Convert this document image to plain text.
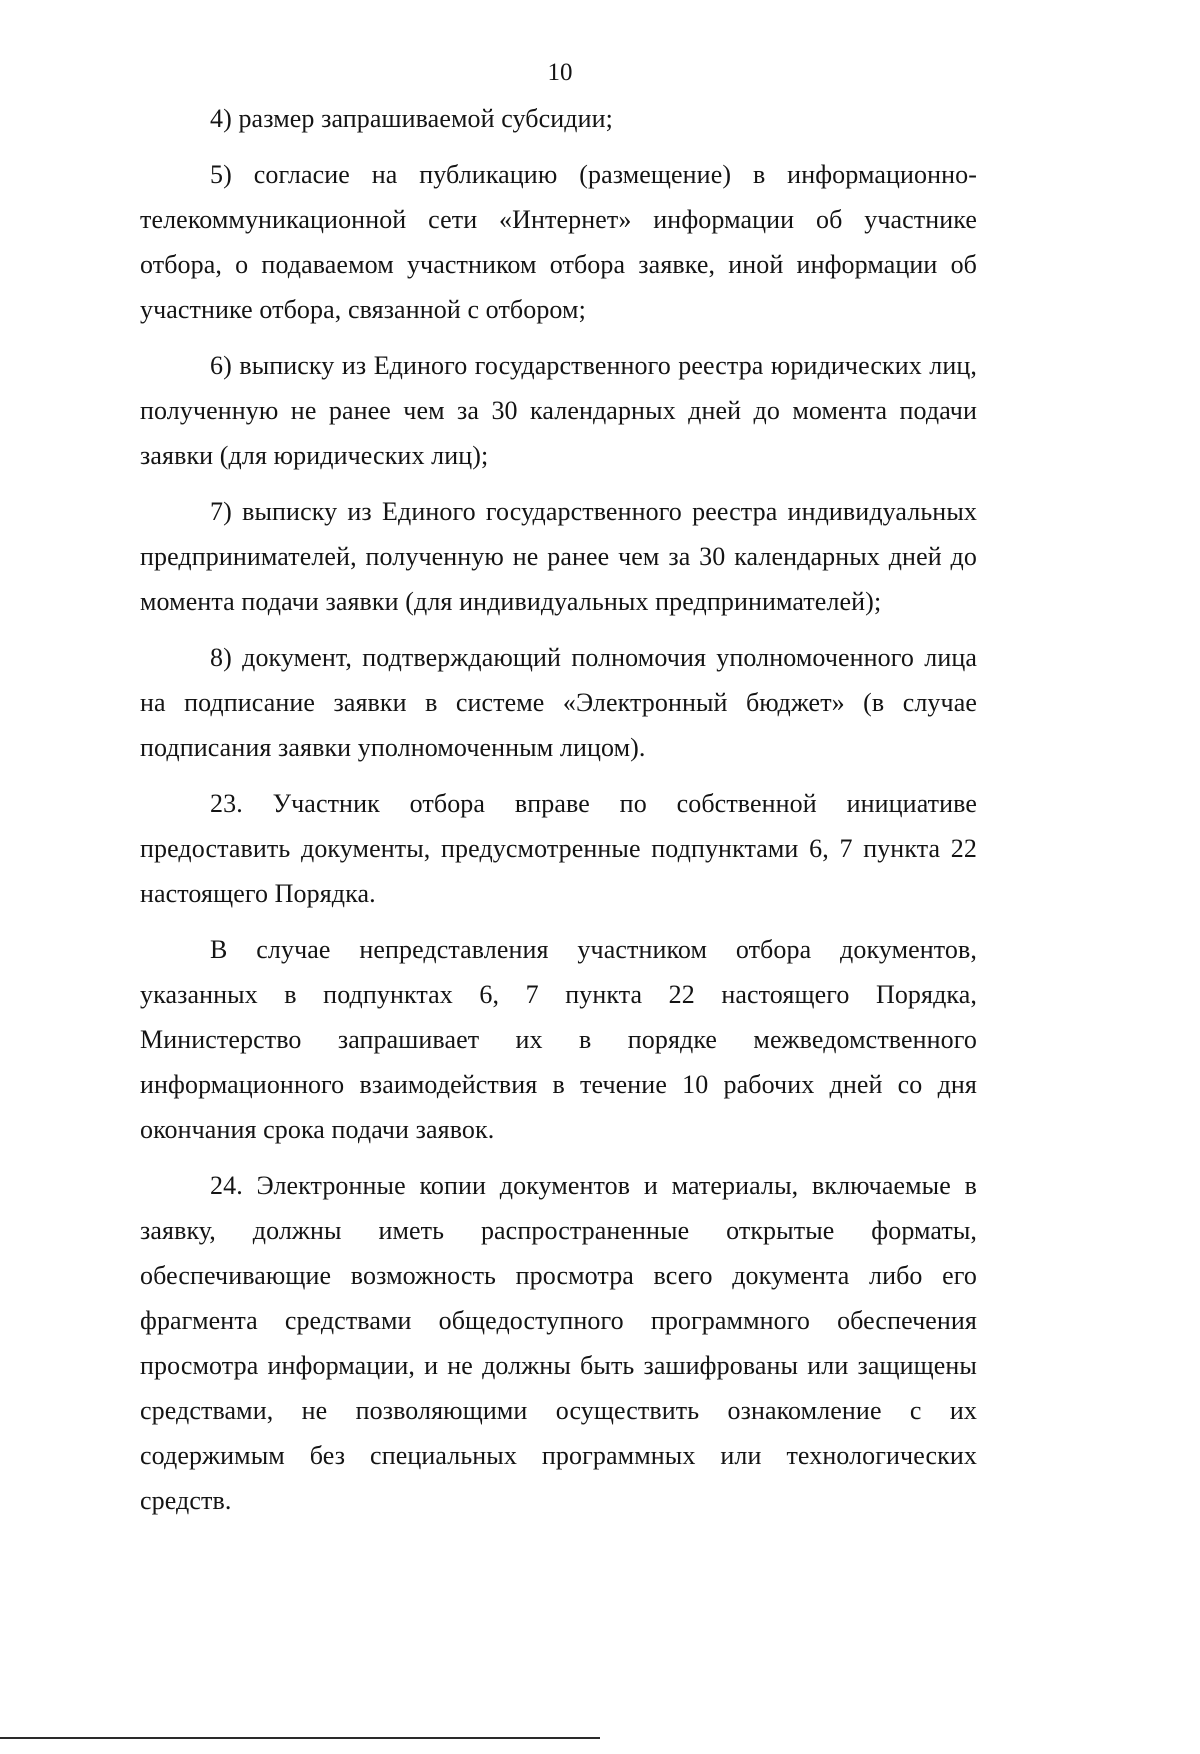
10

4) размер запрашиваемой субсидии;

5) согласие на публикацию (размещение) в информационно-телекоммуникационной сети «Интернет» информации об участнике отбора, о подаваемом участником отбора заявке, иной информации об участнике отбора, связанной с отбором;

6) выписку из Единого государственного реестра юридических лиц, полученную не ранее чем за 30 календарных дней до момента подачи заявки (для юридических лиц);

7) выписку из Единого государственного реестра индивидуальных предпринимателей, полученную не ранее чем за 30 календарных дней до момента подачи заявки (для индивидуальных предпринимателей);

8) документ, подтверждающий полномочия уполномоченного лица на подписание заявки в системе «Электронный бюджет» (в случае подписания заявки уполномоченным лицом).

23. Участник отбора вправе по собственной инициативе предоставить документы, предусмотренные подпунктами 6, 7 пункта 22 настоящего Порядка.

В случае непредставления участником отбора документов, указанных в подпунктах 6, 7 пункта 22 настоящего Порядка, Министерство запрашивает их в порядке межведомственного информационного взаимодействия в течение 10 рабочих дней со дня окончания срока подачи заявок.

24. Электронные копии документов и материалы, включаемые в заявку, должны иметь распространенные открытые форматы, обеспечивающие возможность просмотра всего документа либо его фрагмента средствами общедоступного программного обеспечения просмотра информации, и не должны быть зашифрованы или защищены средствами, не позволяющими осуществить ознакомление с их содержимым без специальных программных или технологических средств.
